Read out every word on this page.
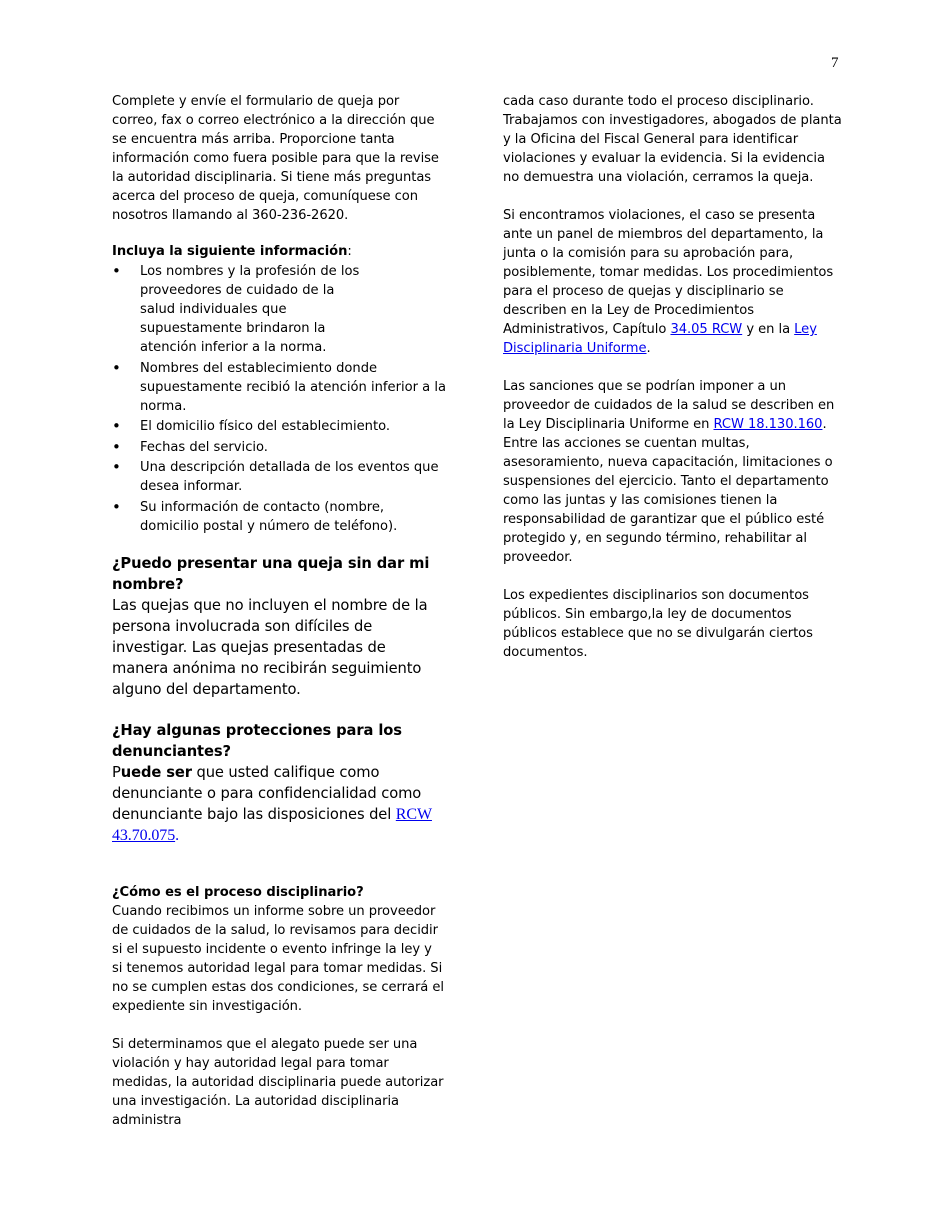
7

Complete y envíe el formulario de queja por correo, fax o correo electrónico a la dirección que se encuentra más arriba. Proporcione tanta información como fuera posible para que la revise la autoridad disciplinaria. Si tiene más preguntas acerca del proceso de queja, comuníquese con nosotros llamando al 360-236-2620.

Incluya la siguiente información:

• Los nombres y la profesión de los proveedores de cuidado de la salud individuales que supuestamente brindaron la atención inferior a la norma.
• Nombres del establecimiento donde supuestamente recibió la atención inferior a la norma.
• El domicilio físico del establecimiento.
• Fechas del servicio.
• Una descripción detallada de los eventos que desea informar.
• Su información de contacto (nombre, domicilio postal y número de teléfono).

¿Puedo presentar una queja sin dar mi nombre?

Las quejas que no incluyen el nombre de la persona involucrada son difíciles de investigar. Las quejas presentadas de manera anónima no recibirán seguimiento alguno del departamento.

¿Hay algunas protecciones para los denunciantes?

Puede ser que usted califique como denunciante o para confidencialidad como denunciante bajo las disposiciones del RCW 43.70.075.

¿Cómo es el proceso disciplinario?

Cuando recibimos un informe sobre un proveedor de cuidados de la salud, lo revisamos para decidir si el supuesto incidente o evento infringe la ley y si tenemos autoridad legal para tomar medidas. Si no se cumplen estas dos condiciones, se cerrará el expediente sin investigación.

Si determinamos que el alegato puede ser una violación y hay autoridad legal para tomar medidas, la autoridad disciplinaria puede autorizar una investigación. La autoridad disciplinaria administra

cada caso durante todo el proceso disciplinario. Trabajamos con investigadores, abogados de planta y la Oficina del Fiscal General para identificar violaciones y evaluar la evidencia. Si la evidencia no demuestra una violación, cerramos la queja.

Si encontramos violaciones, el caso se presenta ante un panel de miembros del departamento, la junta o la comisión para su aprobación para, posiblemente, tomar medidas. Los procedimientos para el proceso de quejas y disciplinario se describen en la Ley de Procedimientos Administrativos, Capítulo 34.05 RCW y en la Ley Disciplinaria Uniforme.

Las sanciones que se podrían imponer a un proveedor de cuidados de la salud se describen en la Ley Disciplinaria Uniforme en RCW 18.130.160. Entre las acciones se cuentan multas, asesoramiento, nueva capacitación, limitaciones o suspensiones del ejercicio. Tanto el departamento como las juntas y las comisiones tienen la responsabilidad de garantizar que el público esté protegido y, en segundo término, rehabilitar al proveedor.

Los expedientes disciplinarios son documentos públicos. Sin embargo,la ley de documentos públicos establece que no se divulgarán ciertos documentos.
